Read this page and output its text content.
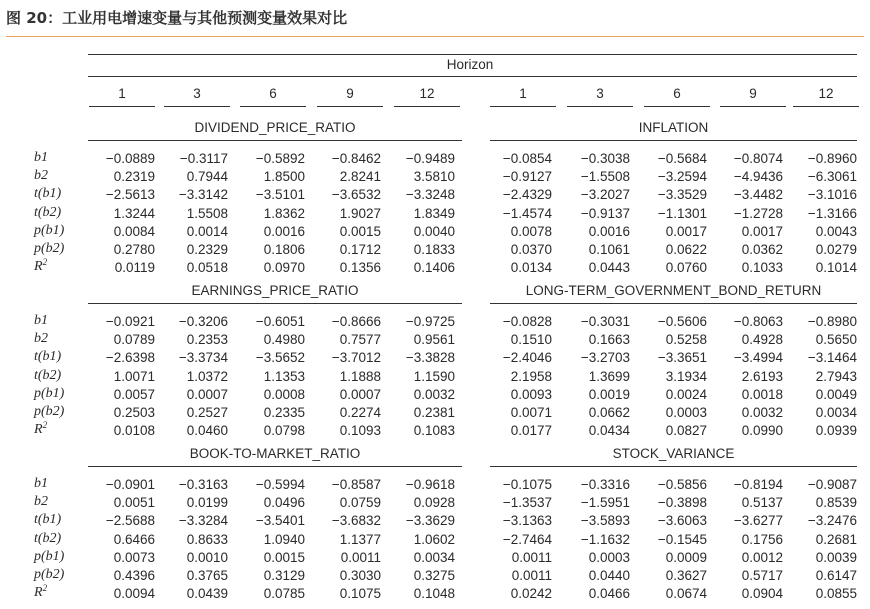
图 20：工业用电增速变量与其他预测变量效果对比
Horizon
1	3	6	9	12	1	3	6	9	12
DIVIDEND_PRICE_RATIO	INFLATION
b1	−0.0889	−0.3117	−0.5892	−0.8462	−0.9489	−0.0854	−0.3038	−0.5684	−0.8074	−0.8960
b2	0.2319	0.7944	1.8500	2.8241	3.5810	−0.9127	−1.5508	−3.2594	−4.9436	−6.3061
t(b1)	−2.5613	−3.3142	−3.5101	−3.6532	−3.3248	−2.4329	−3.2027	−3.3529	−3.4482	−3.1016
t(b2)	1.3244	1.5508	1.8362	1.9027	1.8349	−1.4574	−0.9137	−1.1301	−1.2728	−1.3166
p(b1)	0.0084	0.0014	0.0016	0.0015	0.0040	0.0078	0.0016	0.0017	0.0017	0.0043
p(b2)	0.2780	0.2329	0.1806	0.1712	0.1833	0.0370	0.1061	0.0622	0.0362	0.0279
$R^2$	0.0119	0.0518	0.0970	0.1356	0.1406	0.0134	0.0443	0.0760	0.1033	0.1014
EARNINGS_PRICE_RATIO	LONG-TERM_GOVERNMENT_BOND_RETURN
b1	−0.0921	−0.3206	−0.6051	−0.8666	−0.9725	−0.0828	−0.3031	−0.5606	−0.8063	−0.8980
b2	0.0789	0.2353	0.4980	0.7577	0.9561	0.1510	0.1663	0.5258	0.4928	0.5650
t(b1)	−2.6398	−3.3734	−3.5652	−3.7012	−3.3828	−2.4046	−3.2703	−3.3651	−3.4994	−3.1464
t(b2)	1.0071	1.0372	1.1353	1.1888	1.1590	2.1958	1.3699	3.1934	2.6193	2.7943
p(b1)	0.0057	0.0007	0.0008	0.0007	0.0032	0.0093	0.0019	0.0024	0.0018	0.0049
p(b2)	0.2503	0.2527	0.2335	0.2274	0.2381	0.0071	0.0662	0.0003	0.0032	0.0034
$R^2$	0.0108	0.0460	0.0798	0.1093	0.1083	0.0177	0.0434	0.0827	0.0990	0.0939
BOOK-TO-MARKET_RATIO	STOCK_VARIANCE
b1	−0.0901	−0.3163	−0.5994	−0.8587	−0.9618	−0.1075	−0.3316	−0.5856	−0.8194	−0.9087
b2	0.0051	0.0199	0.0496	0.0759	0.0928	−1.3537	−1.5951	−0.3898	0.5137	0.8539
t(b1)	−2.5688	−3.3284	−3.5401	−3.6832	−3.3629	−3.1363	−3.5893	−3.6063	−3.6277	−3.2476
t(b2)	0.6466	0.8633	1.0940	1.1377	1.0602	−2.7464	−1.1632	−0.1545	0.1756	0.2681
p(b1)	0.0073	0.0010	0.0015	0.0011	0.0034	0.0011	0.0003	0.0009	0.0012	0.0039
p(b2)	0.4396	0.3765	0.3129	0.3030	0.3275	0.0011	0.0440	0.3627	0.5717	0.6147
$R^2$	0.0094	0.0439	0.0785	0.1075	0.1048	0.0242	0.0466	0.0674	0.0904	0.0855
